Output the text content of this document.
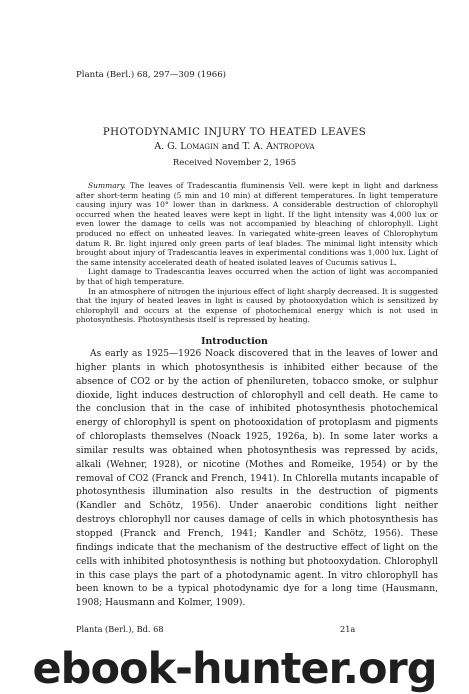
Planta (Berl.) 68, 297—309 (1966)
PHOTODYNAMIC INJURY TO HEATED LEAVES
A. G. Lomagin and T. A. Antropova
Received November 2, 1965

Summary. The leaves of Tradescantia fluminensis Vell. were kept in light and darkness after short-term heating (5 min and 10 min) at different temperatures. In light temperature causing injury was 10° lower than in darkness. A considerable destruction of chlorophyll occurred when the heated leaves were kept in light. If the light intensity was 4,000 lux or even lower the damage to cells was not accompanied by bleaching of chlorophyll. Light produced no effect on unheated leaves. In variegated white-green leaves of Chlorophytum datum R. Br. light injured only green parts of leaf blades. The minimal light intensity which brought about injury of Tradescantia leaves in experimental conditions was 1,000 lux. Light of the same intensity accelerated death of heated isolated leaves of Cucumis sativus L.

Light damage to Tradescantia leaves occurred when the action of light was accompanied by that of high temperature.

In an atmosphere of nitrogen the injurious effect of light sharply decreased. It is suggested that the injury of heated leaves in light is caused by photooxydation which is sensitized by chlorophyll and occurs at the expense of photochemical energy which is not used in photosynthesis. Photosynthesis itself is repressed by heating.

Introduction

As early as 1925—1926 Noack discovered that in the leaves of lower and higher plants in which photosynthesis is inhibited either because of the absence of CO2 or by the action of phenilureten, tobacco smoke, or sulphur dioxide, light induces destruction of chlorophyll and cell death. He came to the conclusion that in the case of inhibited photosynthesis photochemical energy of chlorophyll is spent on photooxidation of protoplasm and pigments of chloroplasts themselves (Noack 1925, 1926a, b). In some later works a similar results was obtained when photosynthesis was repressed by acids, alkali (Wehner, 1928), or nicotine (Mothes and Romeike, 1954) or by the removal of CO2 (Franck and French, 1941). In Chlorella mutants incapable of photosynthesis illumination also results in the destruction of pigments (Kandler and Schötz, 1956). Under anaerobic conditions light neither destroys chlorophyll nor causes damage of cells in which photosynthesis has stopped (Franck and French, 1941; Kandler and Schötz, 1956). These findings indicate that the mechanism of the destructive effect of light on the cells with inhibited photosynthesis is nothing but photooxydation. Chlorophyll in this case plays the part of a photodynamic agent. In vitro chlorophyll has been known to be a typical photodynamic dye for a long time (Hausmann, 1908; Hausmann and Kolmer, 1909).

Planta (Berl.), Bd. 68	21a
ebook-hunter.org
